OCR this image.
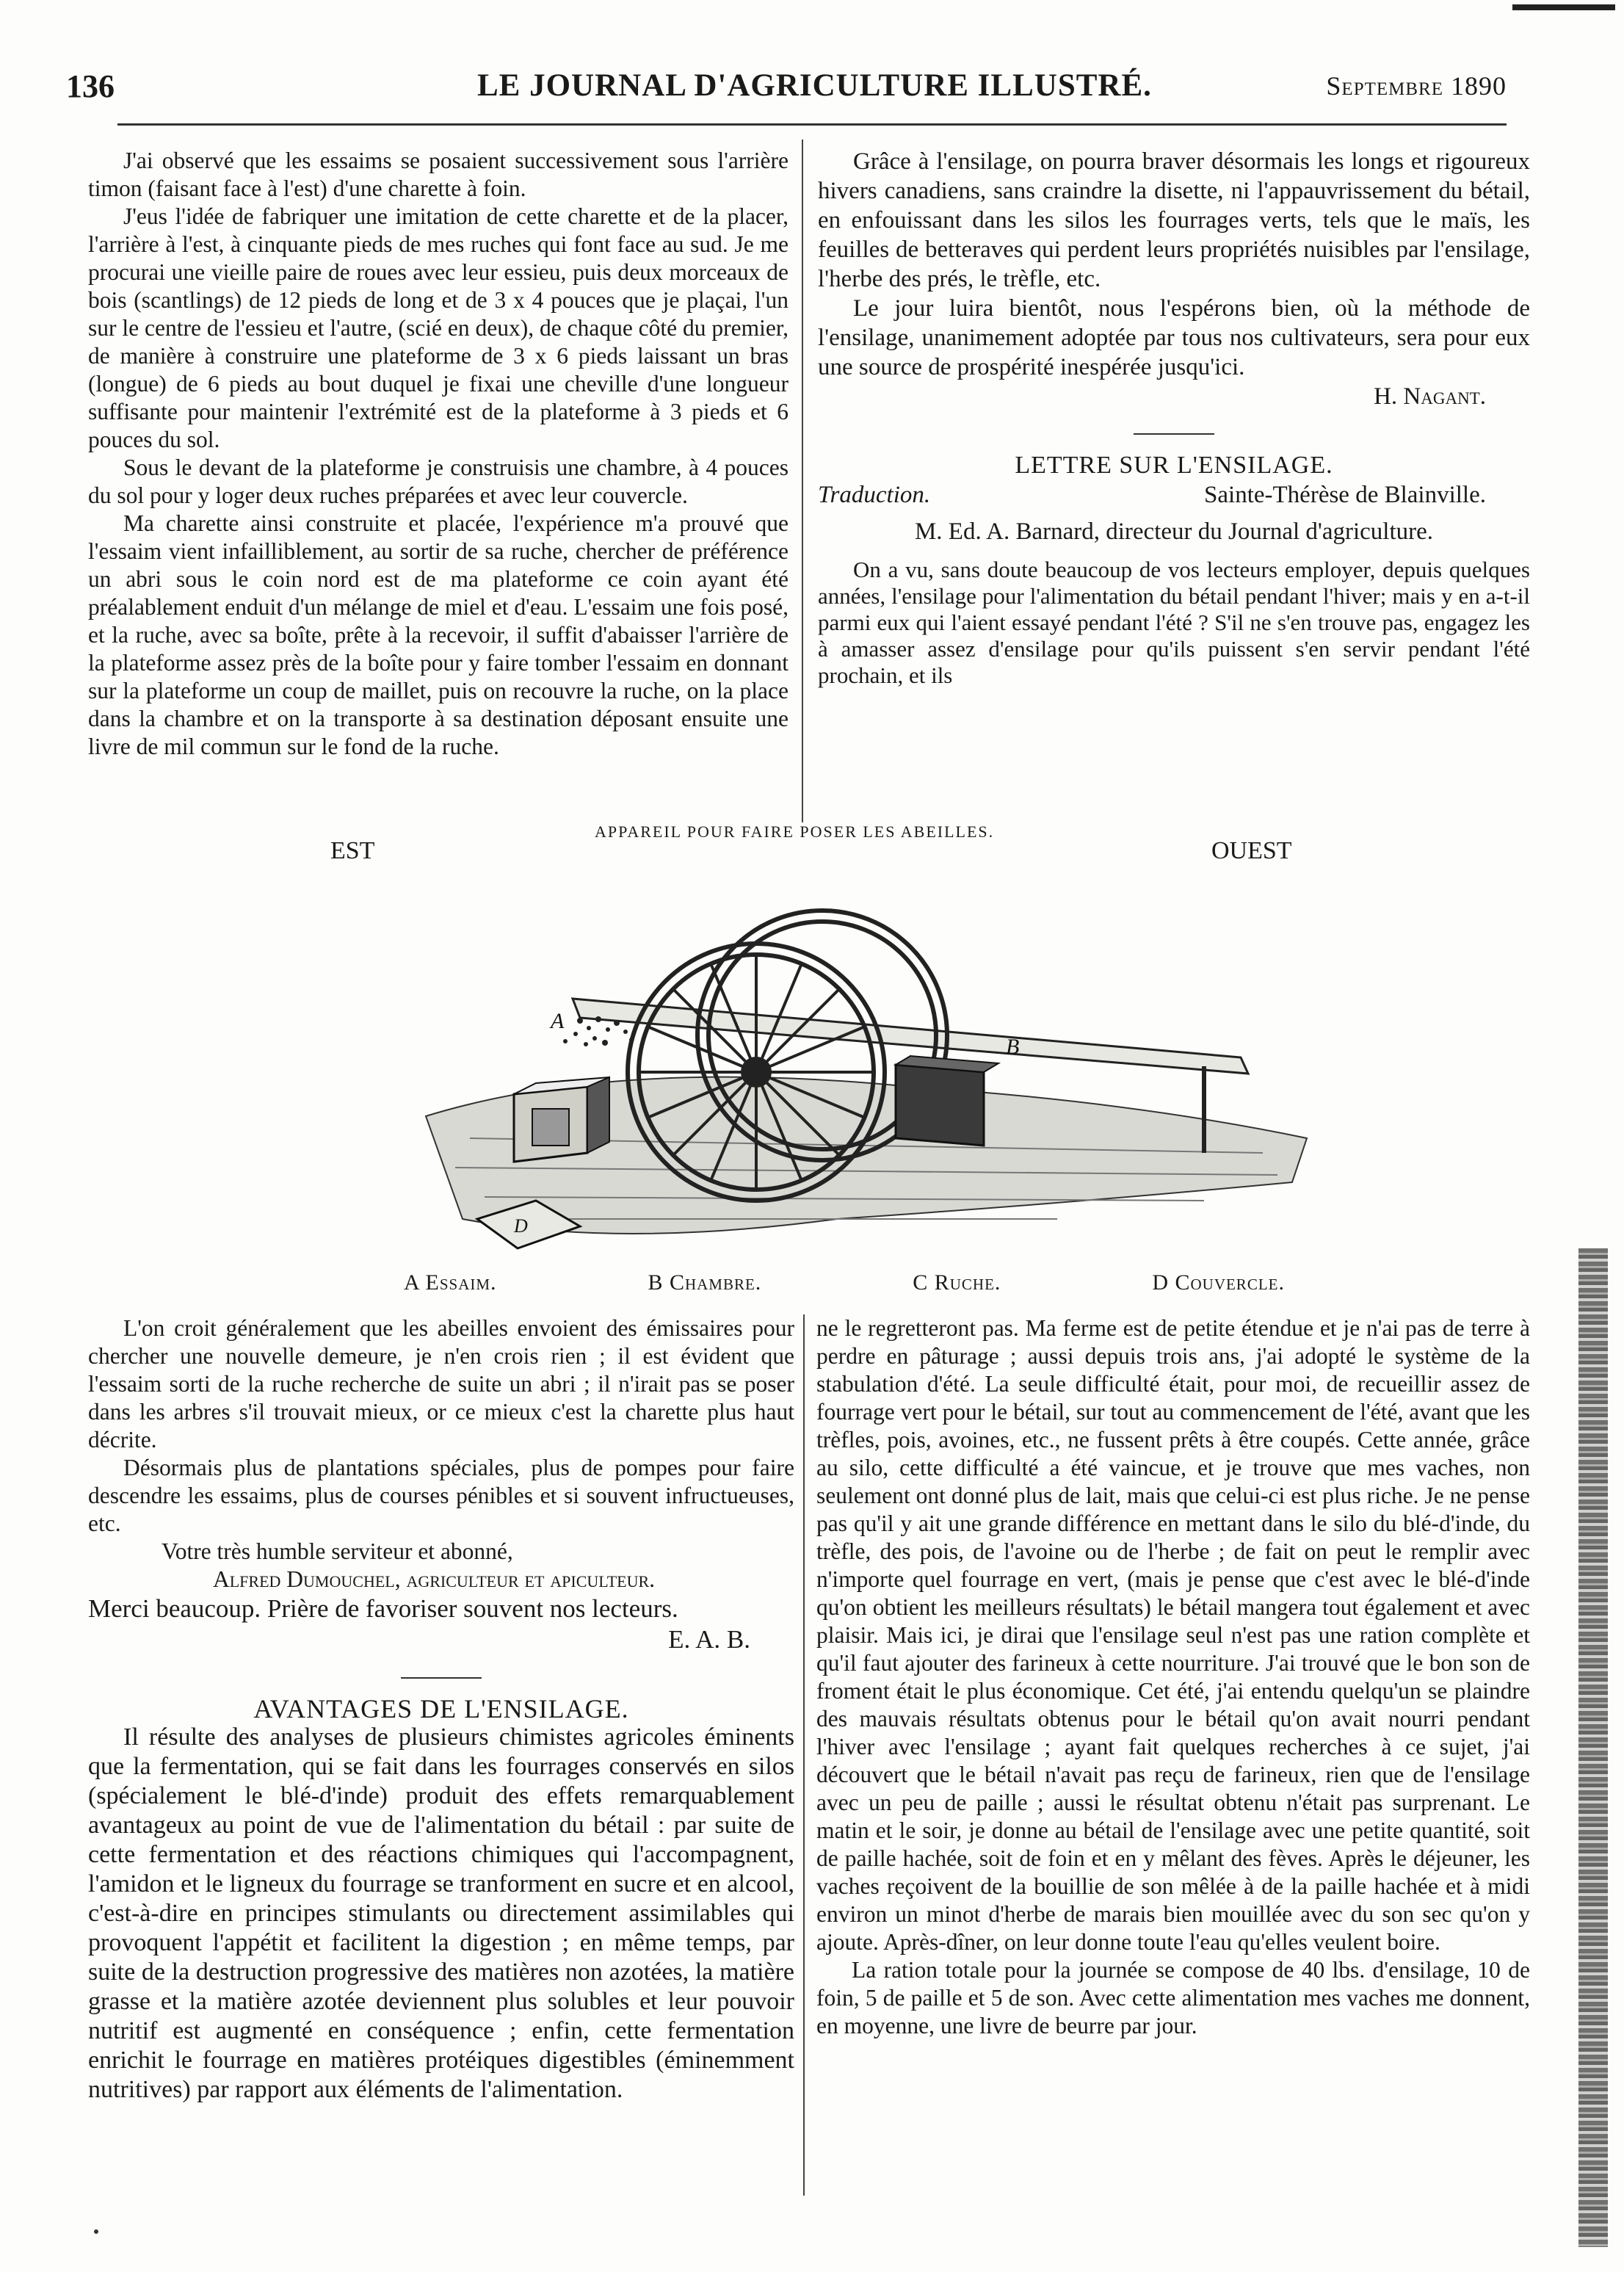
136	LE JOURNAL D'AGRICULTURE ILLUSTRÉ.	Septembre 1890

J'ai observé que les essaims se posaient successivement sous l'arrière timon (faisant face à l'est) d'une charette à foin.

J'eus l'idée de fabriquer une imitation de cette charette et de la placer, l'arrière à l'est, à cinquante pieds de mes ruches qui font face au sud. Je me procurai une vieille paire de roues avec leur essieu, puis deux morceaux de bois (scantlings) de 12 pieds de long et de 3 x 4 pouces que je plaçai, l'un sur le centre de l'essieu et l'autre, (scié en deux), de chaque côté du premier, de manière à construire une plateforme de 3 x 6 pieds laissant un bras (longue) de 6 pieds au bout duquel je fixai une cheville d'une longueur suffisante pour maintenir l'extrémité est de la plateforme à 3 pieds et 6 pouces du sol.

Sous le devant de la plateforme je construisis une chambre, à 4 pouces du sol pour y loger deux ruches préparées et avec leur couvercle.

Ma charette ainsi construite et placée, l'expérience m'a prouvé que l'essaim vient infailliblement, au sortir de sa ruche, chercher de préférence un abri sous le coin nord est de ma plateforme ce coin ayant été préalablement enduit d'un mélange de miel et d'eau. L'essaim une fois posé, et la ruche, avec sa boîte, prête à la recevoir, il suffit d'abaisser l'arrière de la plateforme assez près de la boîte pour y faire tomber l'essaim en donnant sur la plateforme un coup de maillet, puis on recouvre la ruche, on la place dans la chambre et on la transporte à sa destination déposant ensuite une livre de mil commun sur le fond de la ruche.

Grâce à l'ensilage, on pourra braver désormais les longs et rigoureux hivers canadiens, sans craindre la disette, ni l'appauvrissement du bétail, en enfouissant dans les silos les fourrages verts, tels que le maïs, les feuilles de betteraves qui perdent leurs propriétés nuisibles par l'ensilage, l'herbe des prés, le trèfle, etc.

Le jour luira bientôt, nous l'espérons bien, où la méthode de l'ensilage, unanimement adoptée par tous nos cultivateurs, sera pour eux une source de prospérité inespérée jusqu'ici.

H. Nagant.

LETTRE SUR L'ENSILAGE.

Traduction.	Sainte-Thérèse de Blainville.

M. Ed. A. Barnard, directeur du Journal d'agriculture.

On a vu, sans doute beaucoup de vos lecteurs employer, depuis quelques années, l'ensilage pour l'alimentation du bétail pendant l'hiver; mais y en a-t-il parmi eux qui l'aient essayé pendant l'été ? S'il ne s'en trouve pas, engagez les à amasser assez d'ensilage pour qu'ils puissent s'en servir pendant l'été prochain, et ils

APPAREIL POUR FAIRE POSER LES ABEILLES.
EST	OUEST
A
B
D
A Essaim.	B Chambre.	C Ruche.	D Couvercle.

L'on croit généralement que les abeilles envoient des émissaires pour chercher une nouvelle demeure, je n'en crois rien ; il est évident que l'essaim sorti de la ruche recherche de suite un abri ; il n'irait pas se poser dans les arbres s'il trouvait mieux, or ce mieux c'est la charette plus haut décrite.

Désormais plus de plantations spéciales, plus de pompes pour faire descendre les essaims, plus de courses pénibles et si souvent infructueuses, etc.

Votre très humble serviteur et abonné,

Alfred Dumouchel, agriculteur et apiculteur.

Merci beaucoup. Prière de favoriser souvent nos lecteurs.

E. A. B.

AVANTAGES DE L'ENSILAGE.

Il résulte des analyses de plusieurs chimistes agricoles éminents que la fermentation, qui se fait dans les fourrages conservés en silos (spécialement le blé-d'inde) produit des effets remarquablement avantageux au point de vue de l'alimentation du bétail : par suite de cette fermentation et des réactions chimiques qui l'accompagnent, l'amidon et le ligneux du fourrage se tranforment en sucre et en alcool, c'est-à-dire en principes stimulants ou directement assimilables qui provoquent l'appétit et facilitent la digestion ; en même temps, par suite de la destruction progressive des matières non azotées, la matière grasse et la matière azotée deviennent plus solubles et leur pouvoir nutritif est augmenté en conséquence ; enfin, cette fermentation enrichit le fourrage en matières protéiques digestibles (éminemment nutritives) par rapport aux éléments de l'alimentation.

ne le regretteront pas. Ma ferme est de petite étendue et je n'ai pas de terre à perdre en pâturage ; aussi depuis trois ans, j'ai adopté le système de la stabulation d'été. La seule difficulté était, pour moi, de recueillir assez de fourrage vert pour le bétail, sur tout au commencement de l'été, avant que les trèfles, pois, avoines, etc., ne fussent prêts à être coupés. Cette année, grâce au silo, cette difficulté a été vaincue, et je trouve que mes vaches, non seulement ont donné plus de lait, mais que celui-ci est plus riche. Je ne pense pas qu'il y ait une grande différence en mettant dans le silo du blé-d'inde, du trèfle, des pois, de l'avoine ou de l'herbe ; de fait on peut le remplir avec n'importe quel fourrage en vert, (mais je pense que c'est avec le blé-d'inde qu'on obtient les meilleurs résultats) le bétail mangera tout également et avec plaisir. Mais ici, je dirai que l'ensilage seul n'est pas une ration complète et qu'il faut ajouter des farineux à cette nourriture. J'ai trouvé que le bon son de froment était le plus économique. Cet été, j'ai entendu quelqu'un se plaindre des mauvais résultats obtenus pour le bétail qu'on avait nourri pendant l'hiver avec l'ensilage ; ayant fait quelques recherches à ce sujet, j'ai découvert que le bétail n'avait pas reçu de farineux, rien que de l'ensilage avec un peu de paille ; aussi le résultat obtenu n'était pas surprenant. Le matin et le soir, je donne au bétail de l'ensilage avec une petite quantité, soit de paille hachée, soit de foin et en y mêlant des fèves. Après le déjeuner, les vaches reçoivent de la bouillie de son mêlée à de la paille hachée et à midi environ un minot d'herbe de marais bien mouillée avec du son sec qu'on y ajoute. Après-dîner, on leur donne toute l'eau qu'elles veulent boire.

La ration totale pour la journée se compose de 40 lbs. d'ensilage, 10 de foin, 5 de paille et 5 de son. Avec cette alimentation mes vaches me donnent, en moyenne, une livre de beurre par jour.
